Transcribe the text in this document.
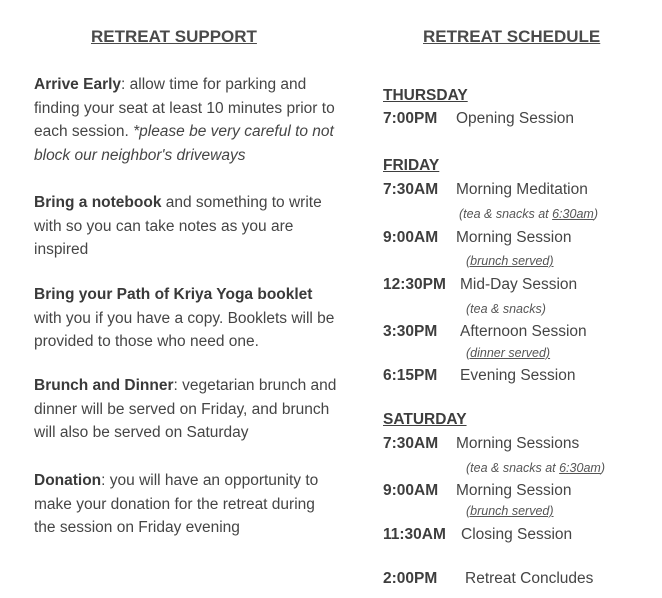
RETREAT SUPPORT
Arrive Early: allow time for parking and finding your seat at least 10 minutes prior to each session. *please be very careful to not block our neighbor's driveways
Bring a notebook and something to write with so you can take notes as you are inspired
Bring your Path of Kriya Yoga booklet with you if you have a copy. Booklets will be provided to those who need one.
Brunch and Dinner: vegetarian brunch and dinner will be served on Friday, and brunch will also be served on Saturday
Donation: you will have an opportunity to make your donation for the retreat during the session on Friday evening
RETREAT SCHEDULE
THURSDAY
7:00PM Opening Session
FRIDAY
7:30AM Morning Meditation
(tea & snacks at 6:30am)
9:00AM Morning Session
(brunch served)
12:30PM Mid-Day Session
(tea & snacks)
3:30PM Afternoon Session
(dinner served)
6:15PM Evening Session
SATURDAY
7:30AM Morning Sessions
(tea & snacks at 6:30am)
9:00AM Morning Session
(brunch served)
11:30AM Closing Session
2:00PM Retreat Concludes
